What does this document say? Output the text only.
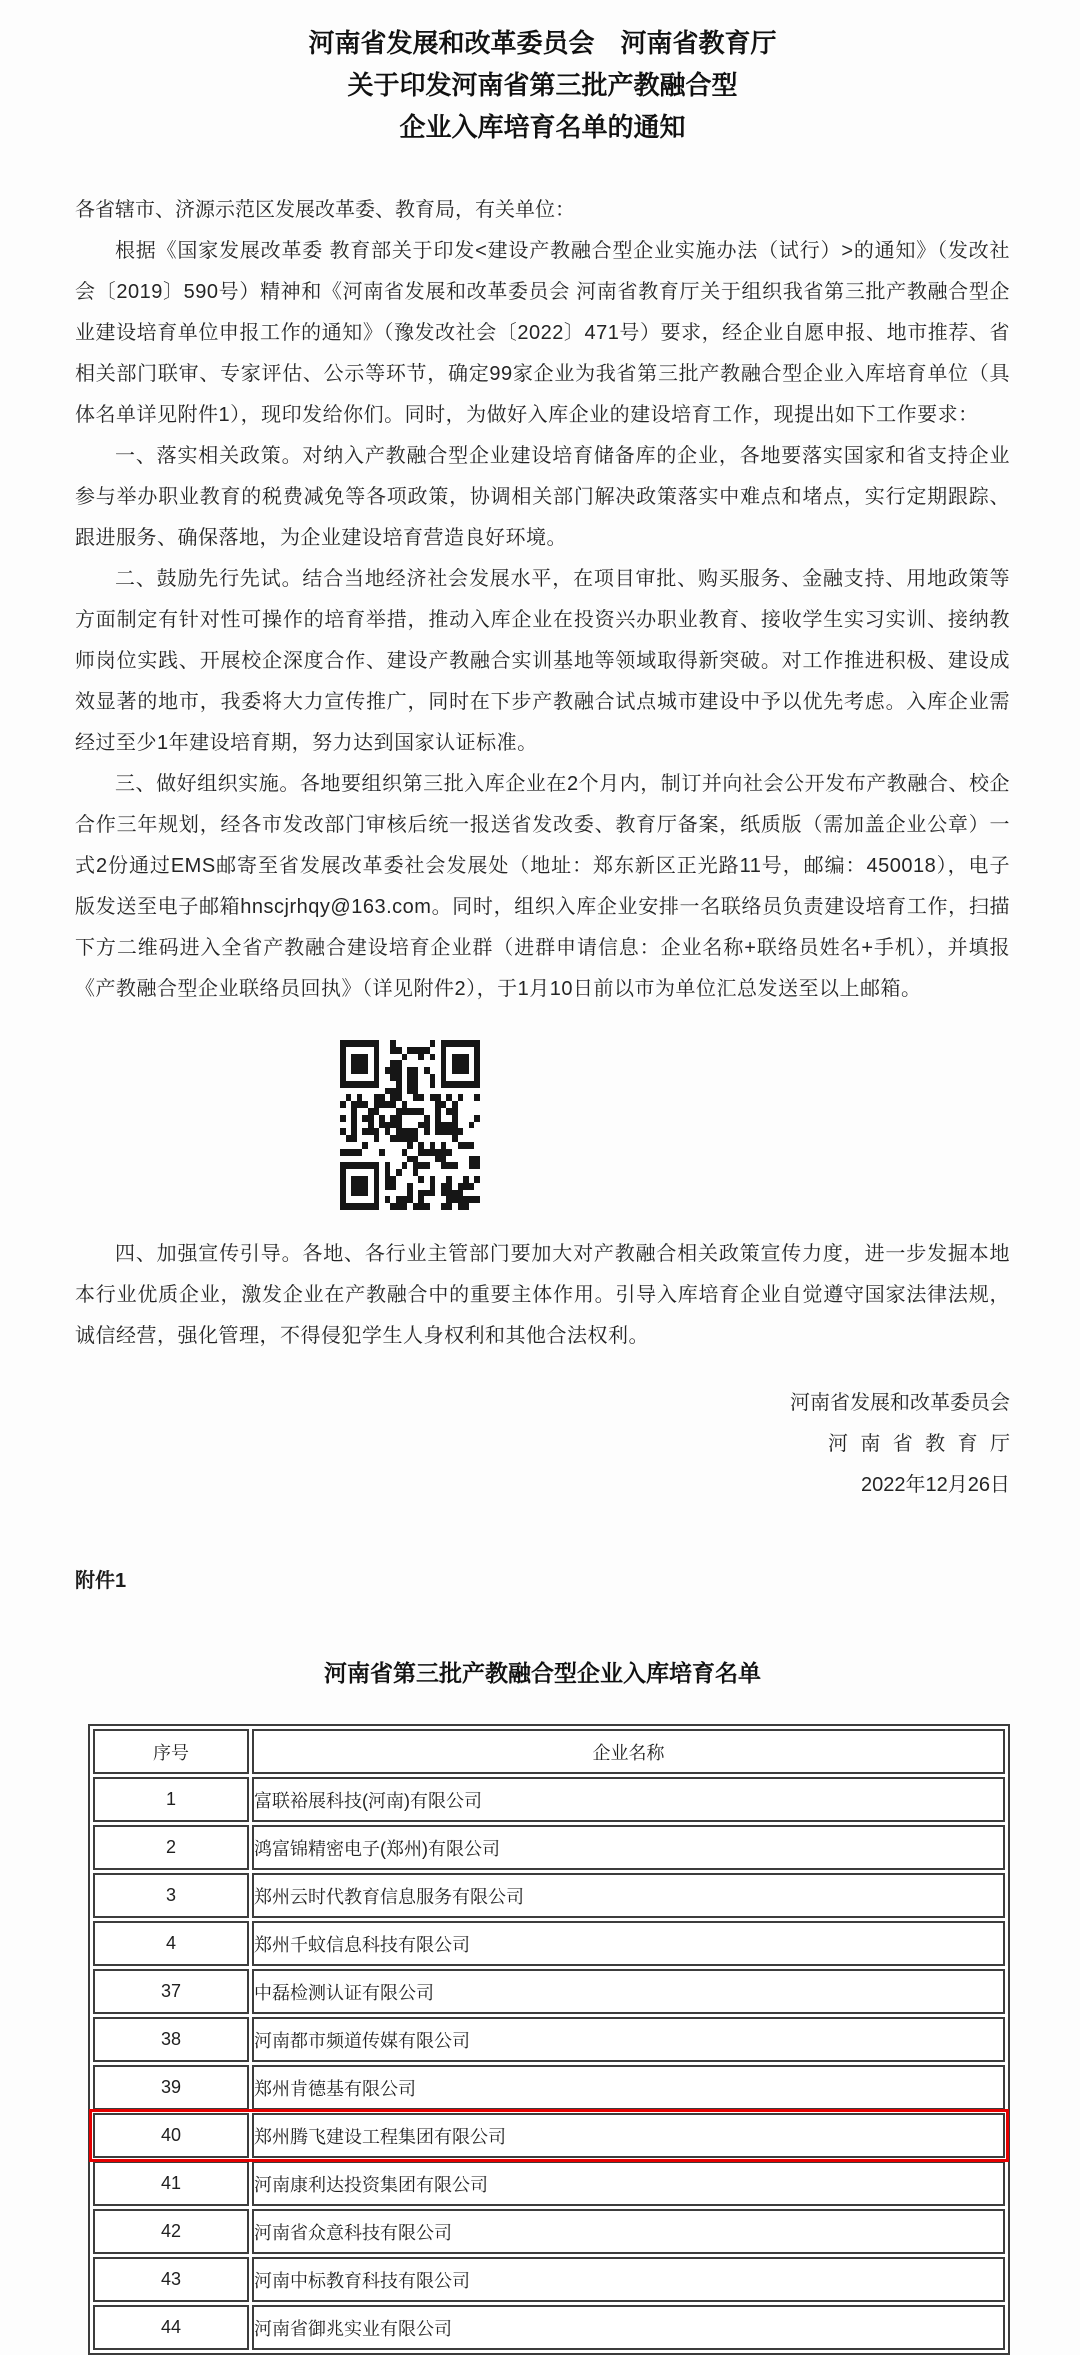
河南省发展和改革委员会　河南省教育厅
关于印发河南省第三批产教融合型
企业入库培育名单的通知

各省辖市、济源示范区发展改革委、教育局，有关单位：

根据《国家发展改革委 教育部关于印发<建设产教融合型企业实施办法（试行）>的通知》（发改社会〔2019〕590号）精神和《河南省发展和改革委员会 河南省教育厅关于组织我省第三批产教融合型企业建设培育单位申报工作的通知》（豫发改社会〔2022〕471号）要求，经企业自愿申报、地市推荐、省相关部门联审、专家评估、公示等环节，确定99家企业为我省第三批产教融合型企业入库培育单位（具体名单详见附件1），现印发给你们。同时，为做好入库企业的建设培育工作，现提出如下工作要求：

一、落实相关政策。对纳入产教融合型企业建设培育储备库的企业，各地要落实国家和省支持企业参与举办职业教育的税费减免等各项政策，协调相关部门解决政策落实中难点和堵点，实行定期跟踪、跟进服务、确保落地，为企业建设培育营造良好环境。

二、鼓励先行先试。结合当地经济社会发展水平，在项目审批、购买服务、金融支持、用地政策等方面制定有针对性可操作的培育举措，推动入库企业在投资兴办职业教育、接收学生实习实训、接纳教师岗位实践、开展校企深度合作、建设产教融合实训基地等领域取得新突破。对工作推进积极、建设成效显著的地市，我委将大力宣传推广，同时在下步产教融合试点城市建设中予以优先考虑。入库企业需经过至少1年建设培育期，努力达到国家认证标准。

三、做好组织实施。各地要组织第三批入库企业在2个月内，制订并向社会公开发布产教融合、校企合作三年规划，经各市发改部门审核后统一报送省发改委、教育厅备案，纸质版（需加盖企业公章）一式2份通过EMS邮寄至省发展改革委社会发展处（地址：郑东新区正光路11号，邮编：450018），电子版发送至电子邮箱hnscjrhqy@163.com。同时，组织入库企业安排一名联络员负责建设培育工作，扫描下方二维码进入全省产教融合建设培育企业群（进群申请信息：企业名称+联络员姓名+手机），并填报《产教融合型企业联络员回执》（详见附件2），于1月10日前以市为单位汇总发送至以上邮箱。

四、加强宣传引导。各地、各行业主管部门要加大对产教融合相关政策宣传力度，进一步发掘本地本行业优质企业，激发企业在产教融合中的重要主体作用。引导入库培育企业自觉遵守国家法律法规，诚信经营，强化管理，不得侵犯学生人身权利和其他合法权利。

河南省发展和改革委员会
河南省教育厅
2022年12月26日
附件1
河南省第三批产教融合型企业入库培育名单
序号	企业名称
1	富联裕展科技(河南)有限公司
2	鸿富锦精密电子(郑州)有限公司
3	郑州云时代教育信息服务有限公司
4	郑州千蚊信息科技有限公司
37	中磊检测认证有限公司
38	河南都市频道传媒有限公司
39	郑州肯德基有限公司
40	郑州腾飞建设工程集团有限公司
41	河南康利达投资集团有限公司
42	河南省众意科技有限公司
43	河南中标教育科技有限公司
44	河南省御兆实业有限公司
